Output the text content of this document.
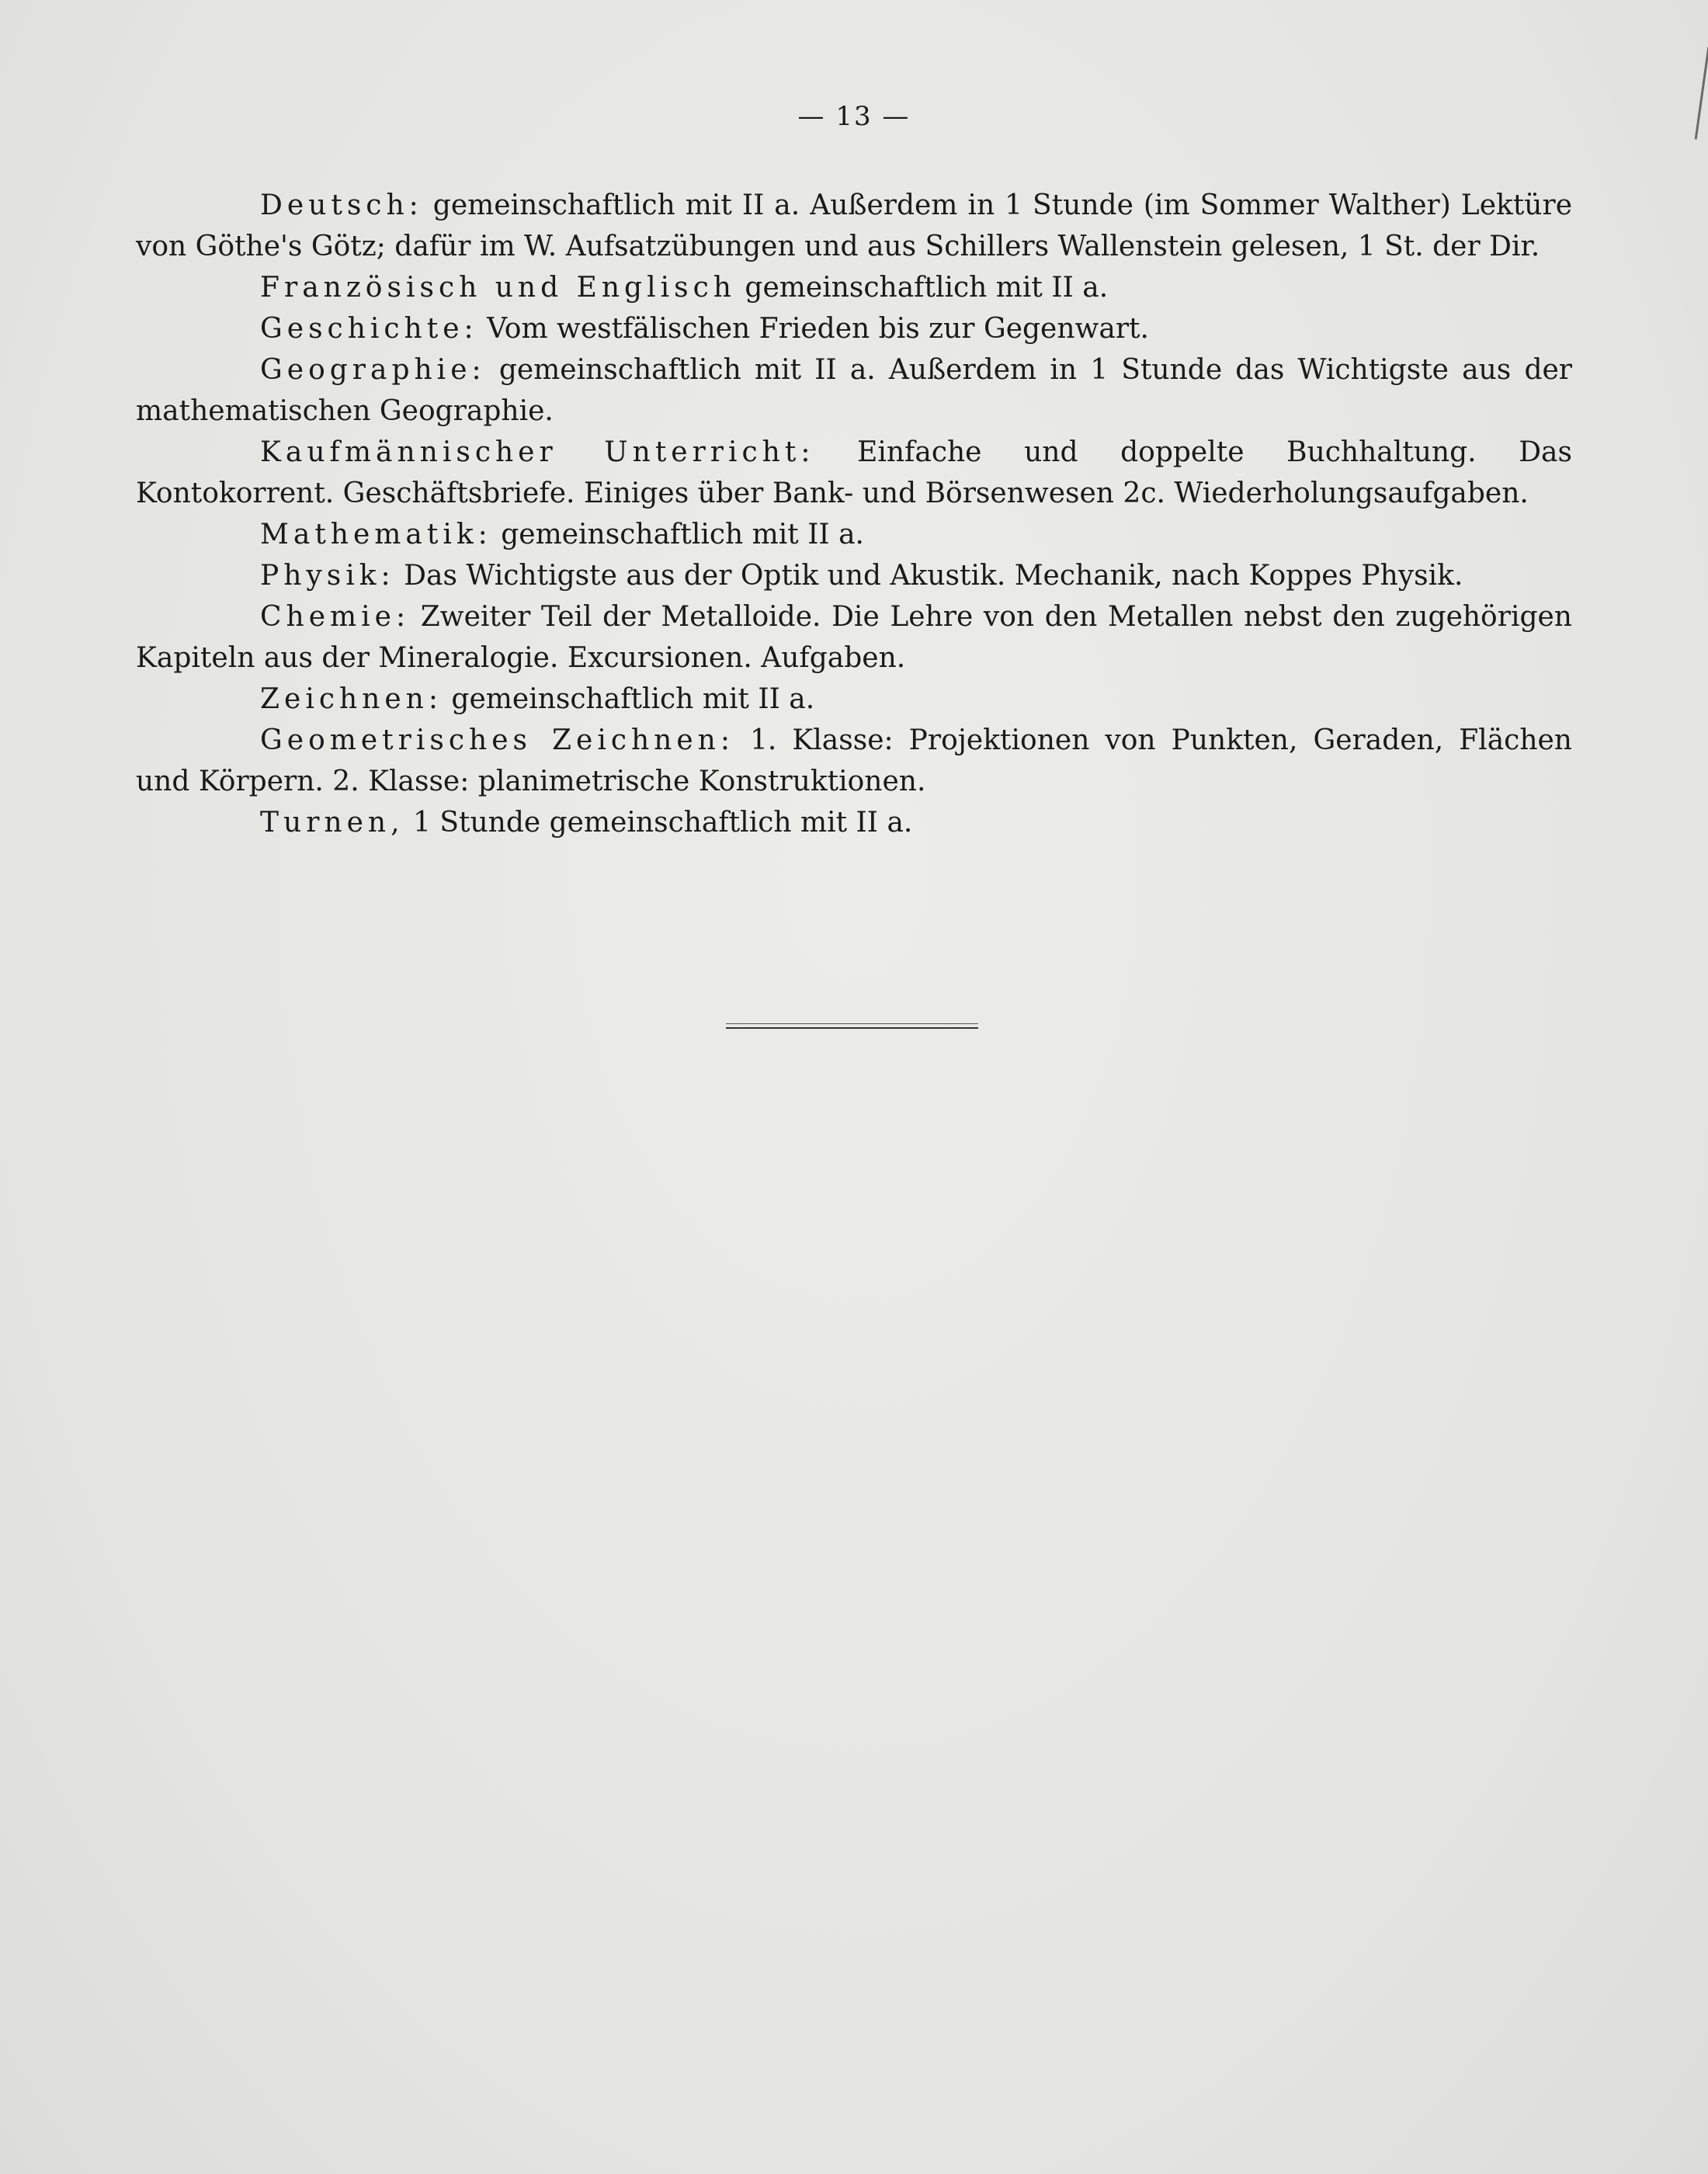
— 13 —

Deutsch: gemeinschaftlich mit II a. Außerdem in 1 Stunde (im Sommer Walther) Lektüre von Göthe's Götz; dafür im W. Aufsatzübungen und aus Schillers Wallenstein gelesen, 1 St. der Dir.

Französisch und Englisch gemeinschaftlich mit II a.

Geschichte: Vom westfälischen Frieden bis zur Gegenwart.

Geographie: gemeinschaftlich mit II a. Außerdem in 1 Stunde das Wichtigste aus der mathematischen Geographie.

Kaufmännischer Unterricht: Einfache und doppelte Buchhaltung. Das Kontokorrent. Geschäftsbriefe. Einiges über Bank- und Börsenwesen 2c. Wiederholungsaufgaben.

Mathematik: gemeinschaftlich mit II a.

Physik: Das Wichtigste aus der Optik und Akustik. Mechanik, nach Koppes Physik.

Chemie: Zweiter Teil der Metalloide. Die Lehre von den Metallen nebst den zugehörigen Kapiteln aus der Mineralogie. Excursionen. Aufgaben.

Zeichnen: gemeinschaftlich mit II a.

Geometrisches Zeichnen: 1. Klasse: Projektionen von Punkten, Geraden, Flächen und Körpern. 2. Klasse: planimetrische Konstruktionen.

Turnen, 1 Stunde gemeinschaftlich mit II a.
